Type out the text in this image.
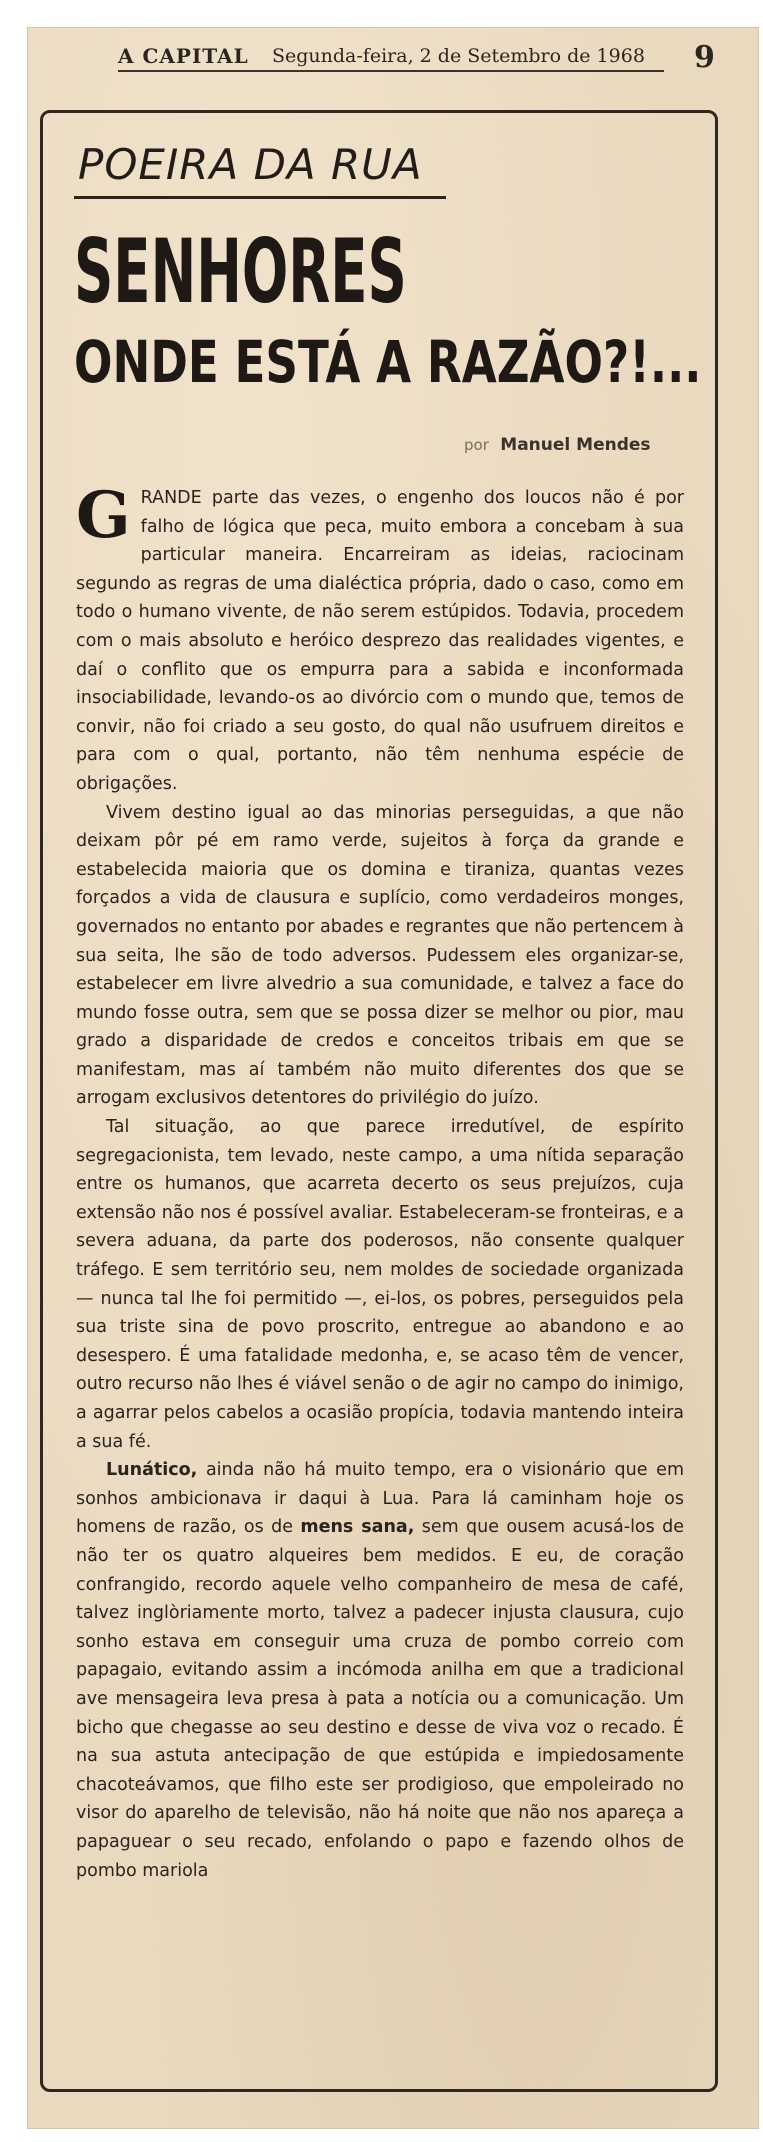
A CAPITAL Segunda-feira, 2 de Setembro de 1968 9
POEIRA DA RUA
SENHORES
ONDE ESTÁ A RAZÃO?!...
por Manuel Mendes

GRANDE parte das vezes, o engenho dos loucos não é por falho de lógica que peca, muito embora a concebam à sua particular maneira. Encarreiram as ideias, raciocinam segundo as regras de uma dialéctica própria, dado o caso, como em todo o humano vivente, de não serem estúpidos. Todavia, procedem com o mais absoluto e heróico desprezo das realidades vigentes, e daí o conflito que os empurra para a sabida e inconformada insociabilidade, levando-os ao divórcio com o mundo que, temos de convir, não foi criado a seu gosto, do qual não usufruem direitos e para com o qual, portanto, não têm nenhuma espécie de obrigações.

Vivem destino igual ao das minorias perseguidas, a que não deixam pôr pé em ramo verde, sujeitos à força da grande e estabelecida maioria que os domina e tiraniza, quantas vezes forçados a vida de clausura e suplício, como verdadeiros monges, governados no entanto por abades e regrantes que não pertencem à sua seita, lhe são de todo adversos. Pudessem eles organizar-se, estabelecer em livre alvedrio a sua comunidade, e talvez a face do mundo fosse outra, sem que se possa dizer se melhor ou pior, mau grado a disparidade de credos e conceitos tribais em que se manifestam, mas aí também não muito diferentes dos que se arrogam exclusivos detentores do privilégio do juízo.

Tal situação, ao que parece irredutível, de espírito segregacionista, tem levado, neste campo, a uma nítida separação entre os humanos, que acarreta decerto os seus prejuízos, cuja extensão não nos é possível avaliar. Estabeleceram-se fronteiras, e a severa aduana, da parte dos poderosos, não consente qualquer tráfego. E sem território seu, nem moldes de sociedade organizada — nunca tal lhe foi permitido —, ei-los, os pobres, perseguidos pela sua triste sina de povo proscrito, entregue ao abandono e ao desespero. É uma fatalidade medonha, e, se acaso têm de vencer, outro recurso não lhes é viável senão o de agir no campo do inimigo, a agarrar pelos cabelos a ocasião propícia, todavia mantendo inteira a sua fé.

Lunático, ainda não há muito tempo, era o visionário que em sonhos ambicionava ir daqui à Lua. Para lá caminham hoje os homens de razão, os de mens sana, sem que ousem acusá-los de não ter os quatro alqueires bem medidos. E eu, de coração confrangido, recordo aquele velho companheiro de mesa de café, talvez inglòriamente morto, talvez a padecer injusta clausura, cujo sonho estava em conseguir uma cruza de pombo correio com papagaio, evitando assim a incómoda anilha em que a tradicional ave mensageira leva presa à pata a notícia ou a comunicação. Um bicho que chegasse ao seu destino e desse de viva voz o recado. É na sua astuta antecipação de que estúpida e impiedosamente chacoteávamos, que filho este ser prodigioso, que empoleirado no visor do aparelho de televisão, não há noite que não nos apareça a papaguear o seu recado, enfolando o papo e fazendo olhos de pombo mariola
